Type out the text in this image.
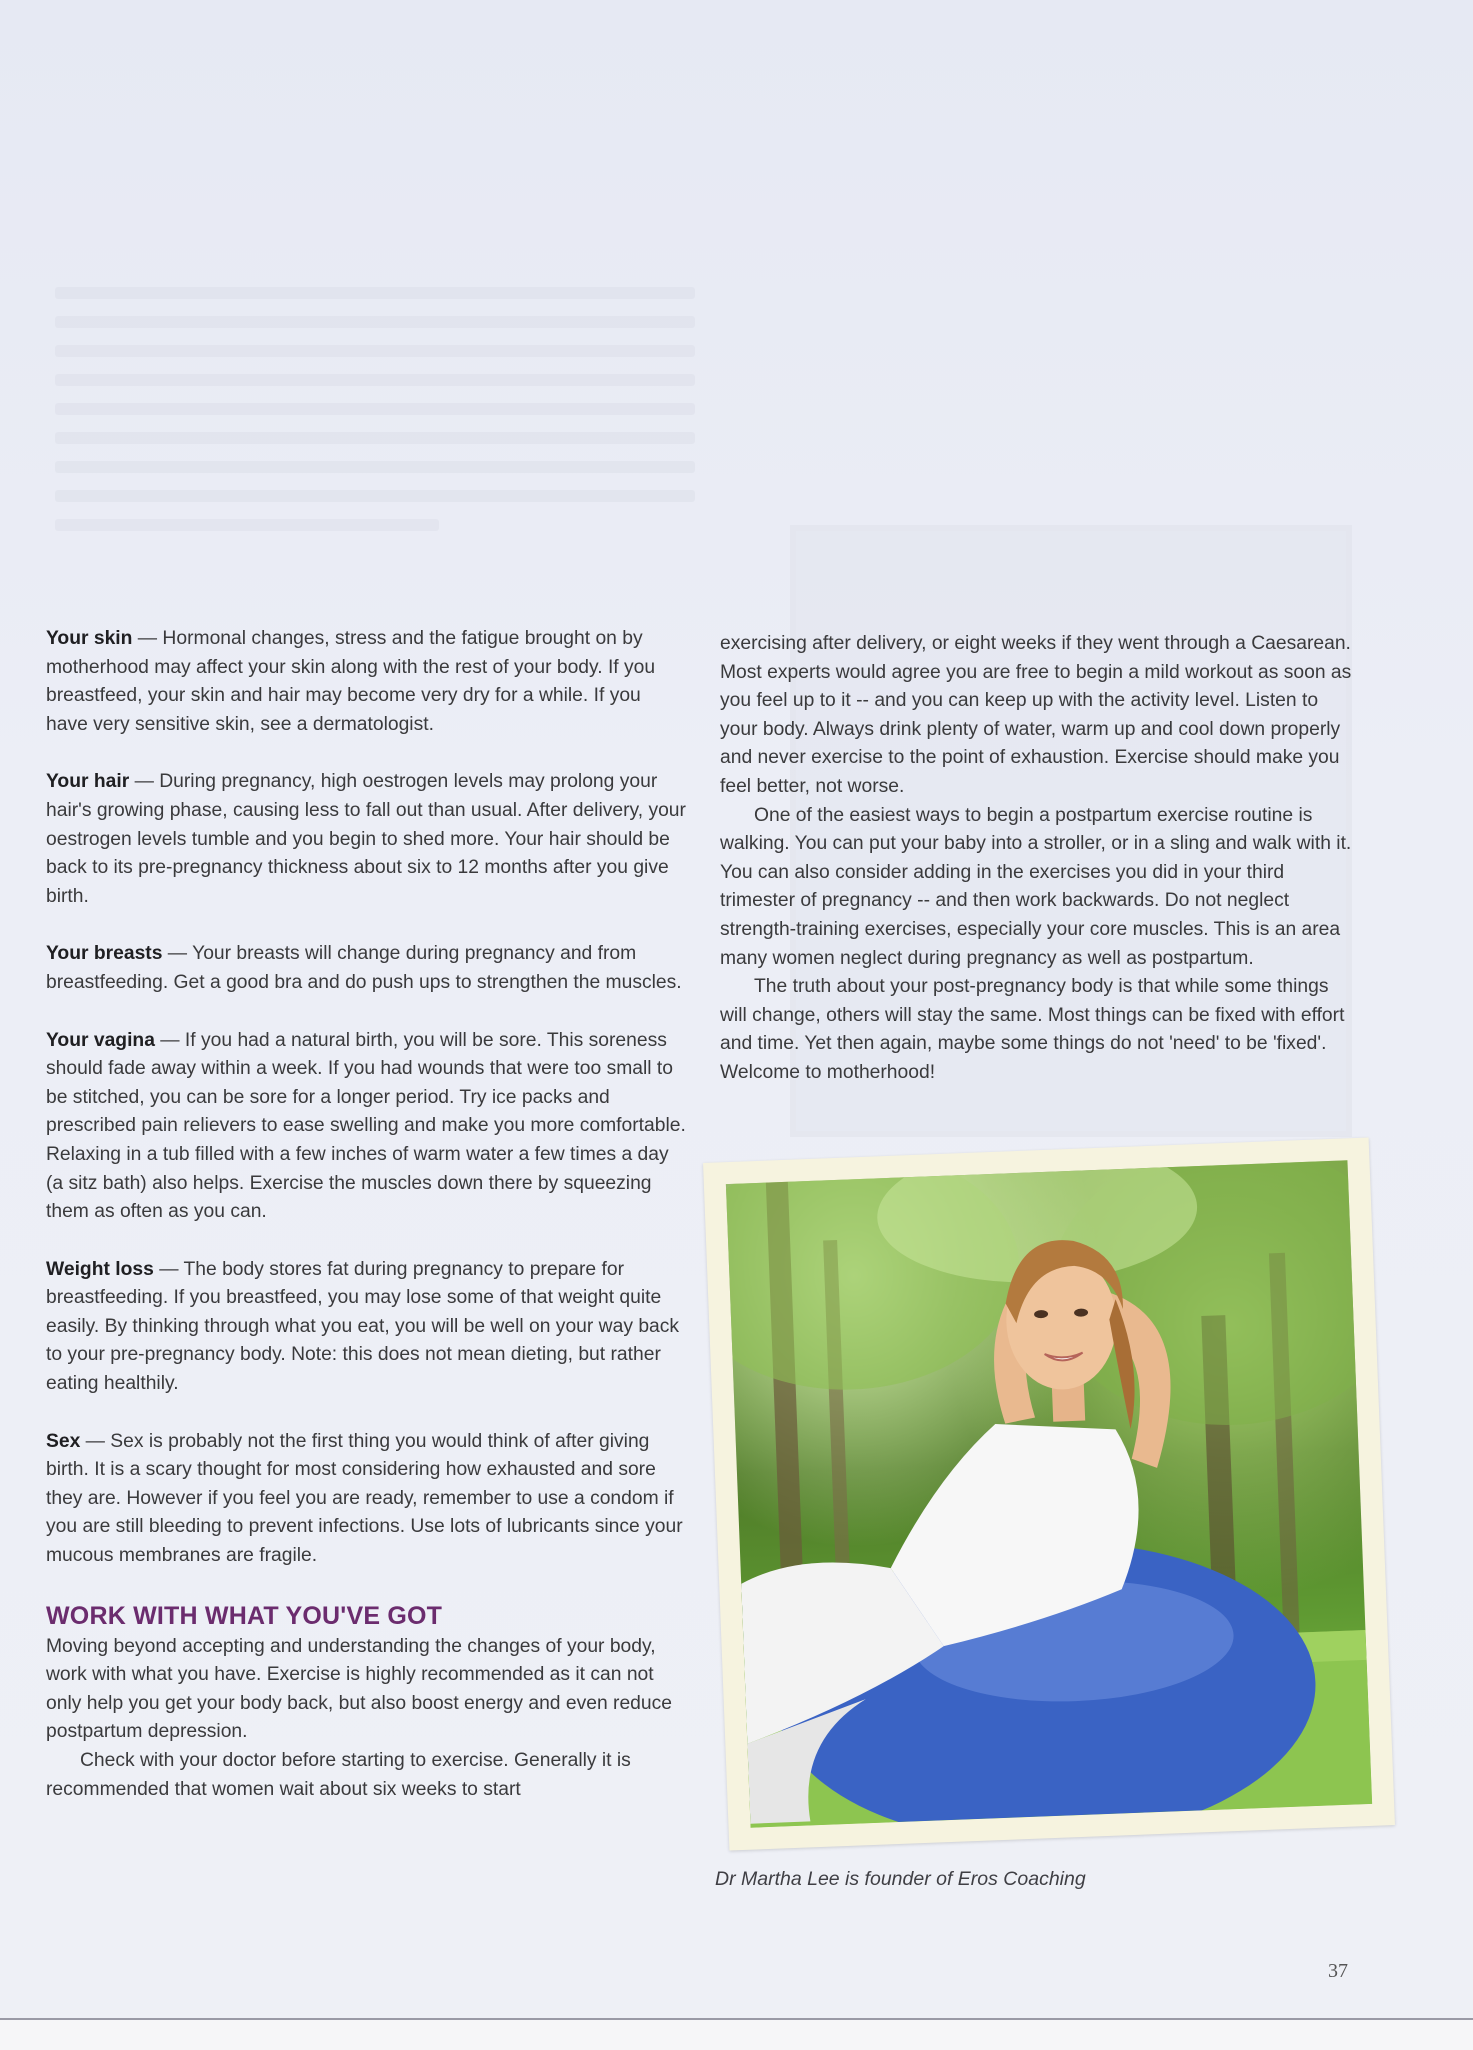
Your skin — Hormonal changes, stress and the fatigue brought on by motherhood may affect your skin along with the rest of your body. If you breastfeed, your skin and hair may become very dry for a while. If you have very sensitive skin, see a dermatologist.

Your hair — During pregnancy, high oestrogen levels may prolong your hair's growing phase, causing less to fall out than usual. After delivery, your oestrogen levels tumble and you begin to shed more. Your hair should be back to its pre-pregnancy thickness about six to 12 months after you give birth.

Your breasts — Your breasts will change during pregnancy and from breastfeeding. Get a good bra and do push ups to strengthen the muscles.

Your vagina — If you had a natural birth, you will be sore. This soreness should fade away within a week. If you had wounds that were too small to be stitched, you can be sore for a longer period. Try ice packs and prescribed pain relievers to ease swelling and make you more comfortable. Relaxing in a tub filled with a few inches of warm water a few times a day (a sitz bath) also helps. Exercise the muscles down there by squeezing them as often as you can.

Weight loss — The body stores fat during pregnancy to prepare for breastfeeding. If you breastfeed, you may lose some of that weight quite easily. By thinking through what you eat, you will be well on your way back to your pre-pregnancy body. Note: this does not mean dieting, but rather eating healthily.

Sex — Sex is probably not the first thing you would think of after giving birth. It is a scary thought for most considering how exhausted and sore they are. However if you feel you are ready, remember to use a condom if you are still bleeding to prevent infections. Use lots of lubricants since your mucous membranes are fragile.

WORK WITH WHAT YOU'VE GOT

Moving beyond accepting and understanding the changes of your body, work with what you have. Exercise is highly recommended as it can not only help you get your body back, but also boost energy and even reduce postpartum depression.

Check with your doctor before starting to exercise. Generally it is recommended that women wait about six weeks to start

exercising after delivery, or eight weeks if they went through a Caesarean. Most experts would agree you are free to begin a mild workout as soon as you feel up to it -- and you can keep up with the activity level. Listen to your body. Always drink plenty of water, warm up and cool down properly and never exercise to the point of exhaustion. Exercise should make you feel better, not worse.

One of the easiest ways to begin a postpartum exercise routine is walking. You can put your baby into a stroller, or in a sling and walk with it. You can also consider adding in the exercises you did in your third trimester of pregnancy -- and then work backwards. Do not neglect strength-training exercises, especially your core muscles. This is an area many women neglect during pregnancy as well as postpartum.

The truth about your post-pregnancy body is that while some things will change, others will stay the same. Most things can be fixed with effort and time. Yet then again, maybe some things do not 'need' to be 'fixed'. Welcome to motherhood!

Dr Martha Lee is founder of Eros Coaching
37
